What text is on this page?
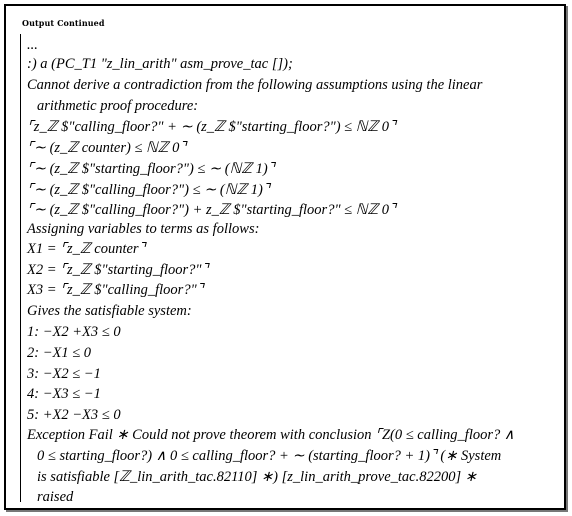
Output Continued
...
:) a (PC_T1 "z_lin_arith" asm_prove_tac []);
Cannot derive a contradiction from the following assumptions using the linear
arithmetic proof procedure:
⌜z_ℤ $"calling_floor?" + ∼ (z_ℤ $"starting_floor?") ≤ ℕℤ 0⌝
⌜∼ (z_ℤ counter) ≤ ℕℤ 0⌝
⌜∼ (z_ℤ $"starting_floor?") ≤ ∼ (ℕℤ 1)⌝
⌜∼ (z_ℤ $"calling_floor?") ≤ ∼ (ℕℤ 1)⌝
⌜∼ (z_ℤ $"calling_floor?") + z_ℤ $"starting_floor?" ≤ ℕℤ 0⌝
Assigning variables to terms as follows:
X1 = ⌜z_ℤ counter⌝
X2 = ⌜z_ℤ $"starting_floor?"⌝
X3 = ⌜z_ℤ $"calling_floor?"⌝
Gives the satisfiable system:
1: −X2 +X3 ≤ 0
2: −X1 ≤ 0
3: −X2 ≤ −1
4: −X3 ≤ −1
5: +X2 −X3 ≤ 0
Exception Fail ∗ Could not prove theorem with conclusion ⌜Z(0 ≤ calling_floor? ∧
0 ≤ starting_floor?) ∧ 0 ≤ calling_floor? + ∼ (starting_floor? + 1)⌝ (∗ System
is satisfiable [ℤ_lin_arith_tac.82110] ∗) [z_lin_arith_prove_tac.82200] ∗
raised
